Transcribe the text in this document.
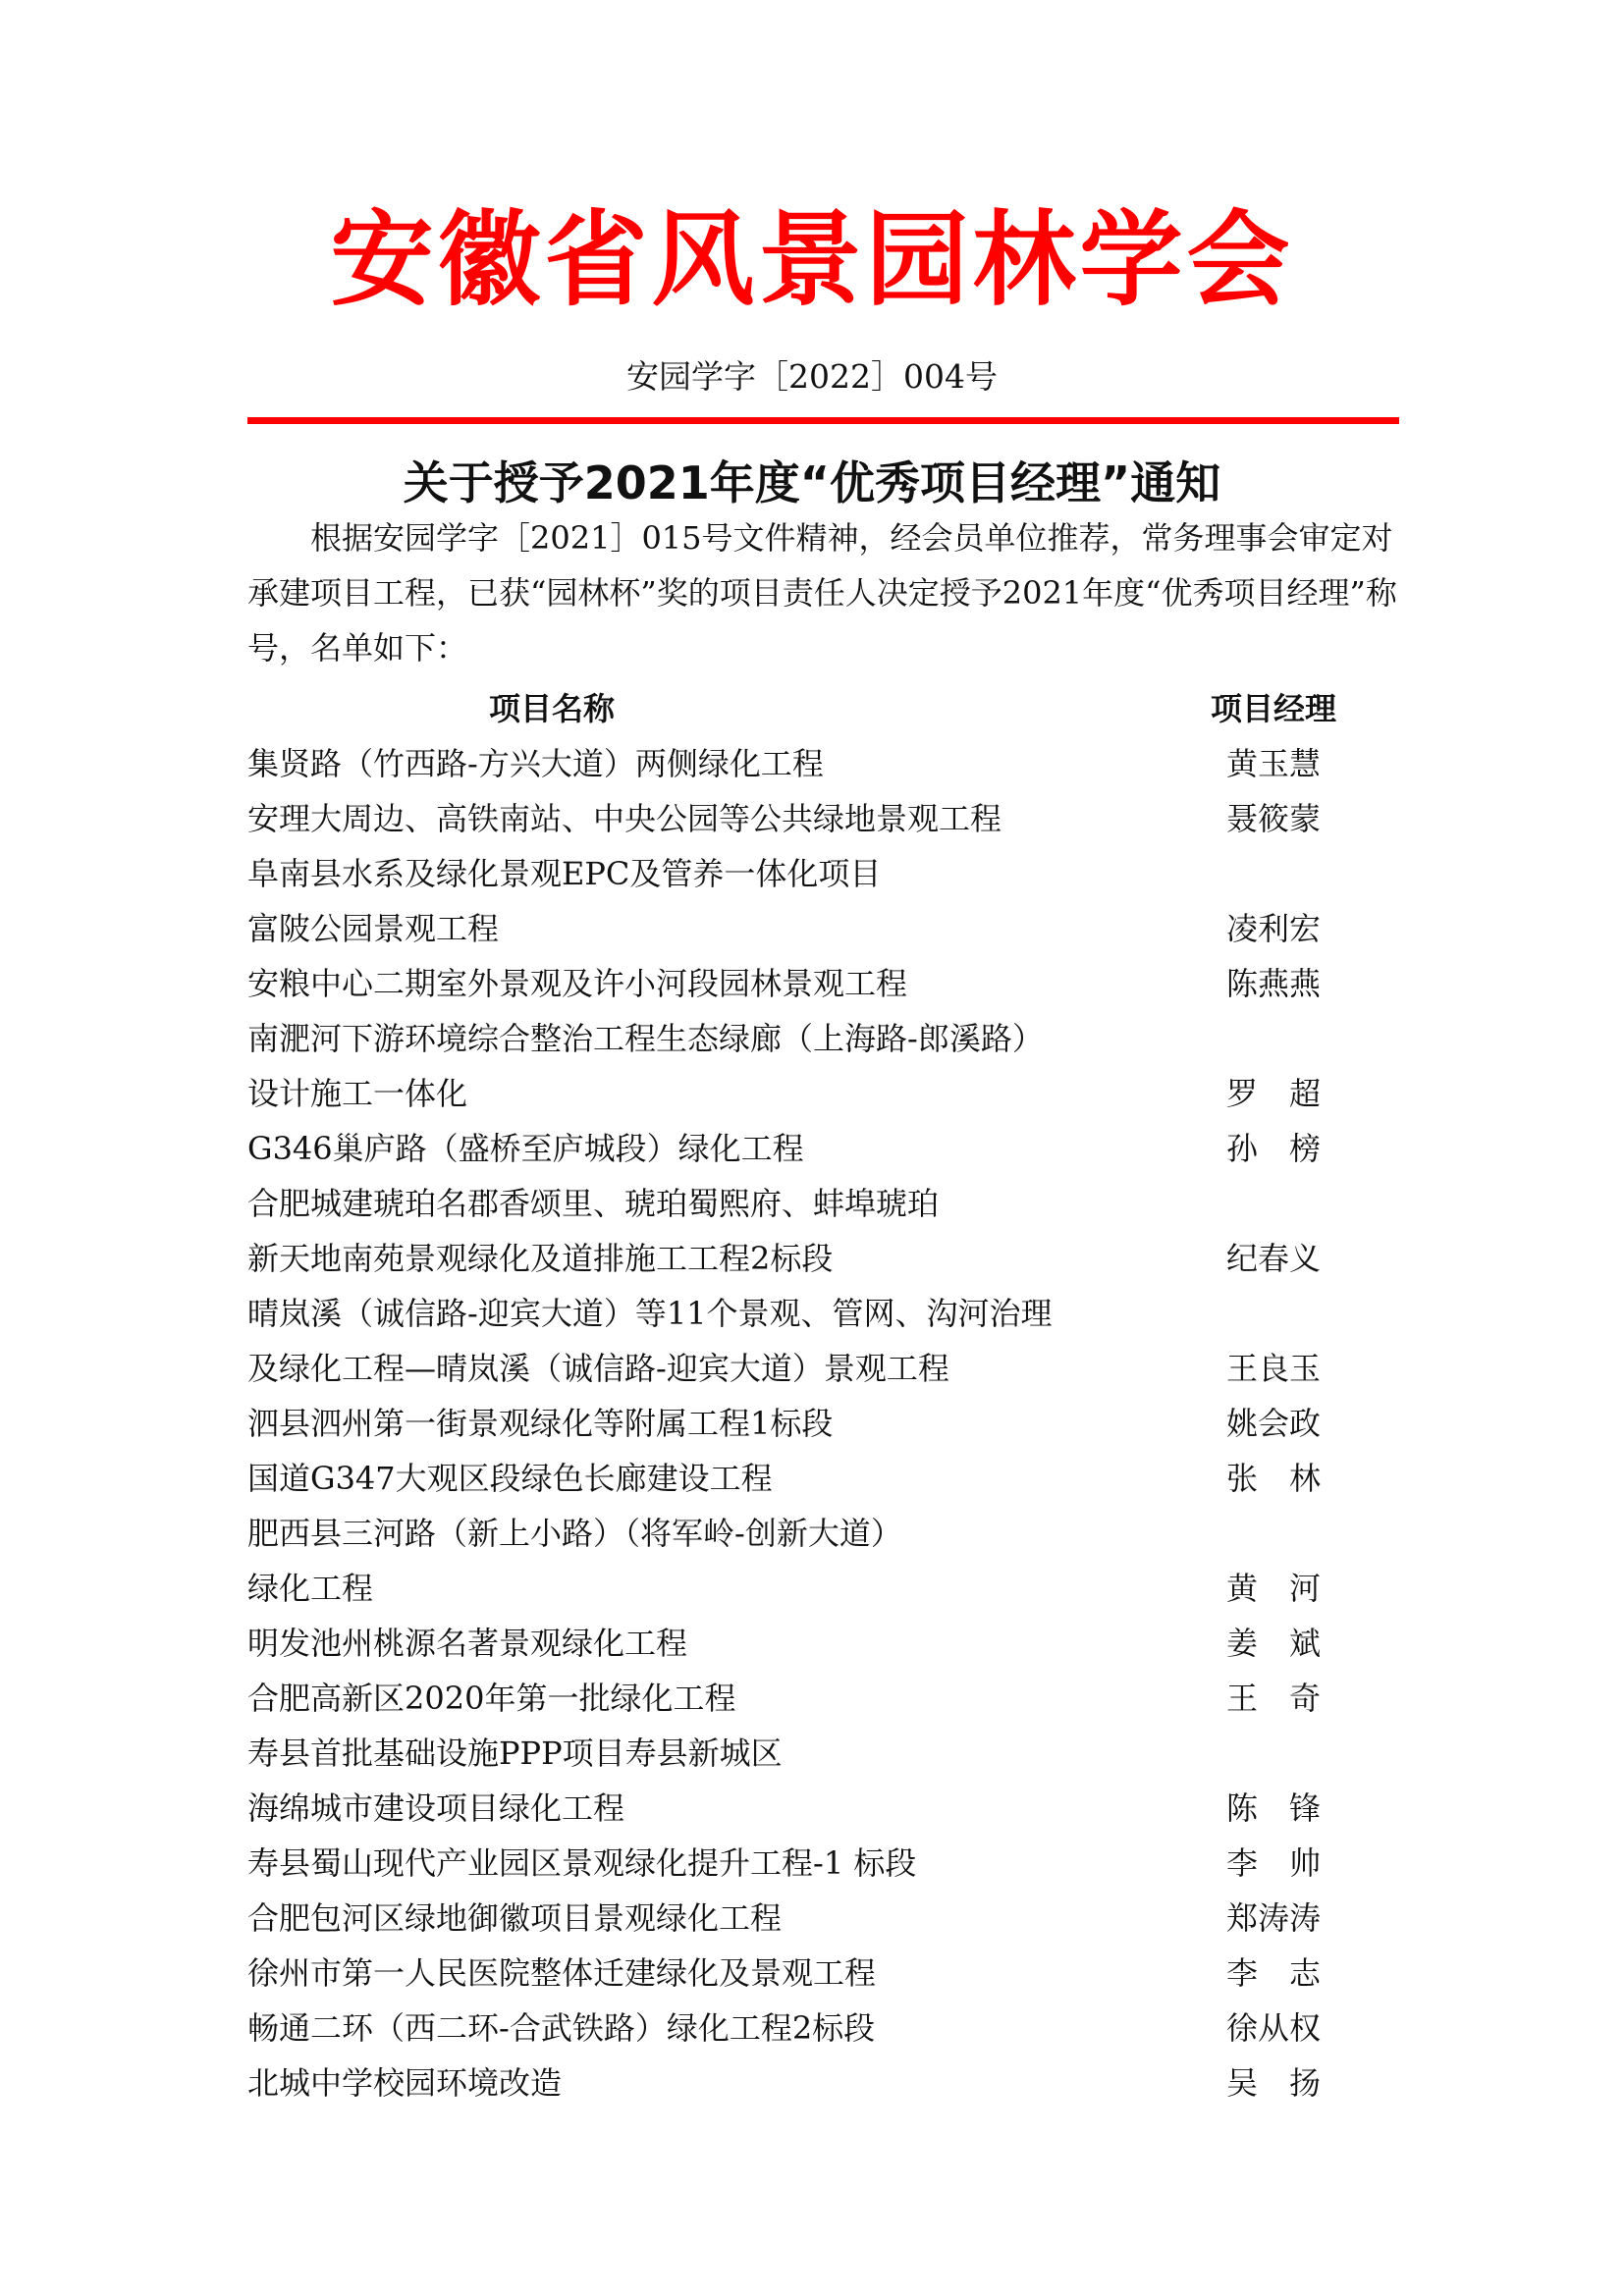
安徽省风景园林学会
安园学字［2022］004号
关于授予2021年度“优秀项目经理”通知

根据安园学字［2021］015号文件精神，经会员单位推荐，常务理事会审定对承建项目工程，已获“园林杯”奖的项目责任人决定授予2021年度“优秀项目经理”称号，名单如下：

项目名称	项目经理
集贤路（竹西路-方兴大道）两侧绿化工程	黄玉慧
安理大周边、高铁南站、中央公园等公共绿地景观工程	聂筱蒙
阜南县水系及绿化景观EPC及管养一体化项目
富陂公园景观工程	凌利宏
安粮中心二期室外景观及许小河段园林景观工程	陈燕燕
南淝河下游环境综合整治工程生态绿廊（上海路-郎溪路）
设计施工一体化	罗　超
G346巢庐路（盛桥至庐城段）绿化工程	孙　榜
合肥城建琥珀名郡香颂里、琥珀蜀熙府、蚌埠琥珀
新天地南苑景观绿化及道排施工工程2标段	纪春义
晴岚溪（诚信路-迎宾大道）等11个景观、管网、沟河治理
及绿化工程—晴岚溪（诚信路-迎宾大道）景观工程	王良玉
泗县泗州第一街景观绿化等附属工程1标段	姚会政
国道G347大观区段绿色长廊建设工程	张　林
肥西县三河路（新上小路）（将军岭-创新大道）
绿化工程	黄　河
明发池州桃源名著景观绿化工程	姜　斌
合肥高新区2020年第一批绿化工程	王　奇
寿县首批基础设施PPP项目寿县新城区
海绵城市建设项目绿化工程	陈　锋
寿县蜀山现代产业园区景观绿化提升工程-1 标段	李　帅
合肥包河区绿地御徽项目景观绿化工程	郑涛涛
徐州市第一人民医院整体迁建绿化及景观工程	李　志
畅通二环（西二环-合武铁路）绿化工程2标段	徐从权
北城中学校园环境改造	吴　扬
